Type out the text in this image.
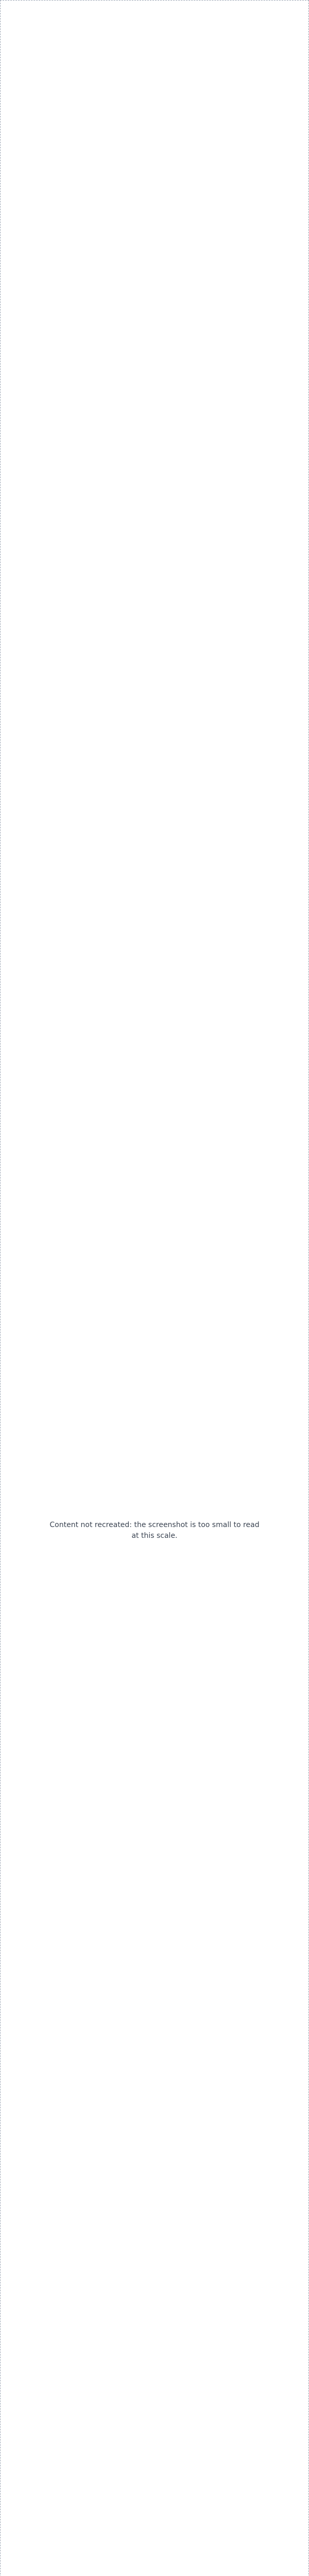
Content not recreated: the screenshot is too small to read at this scale.
